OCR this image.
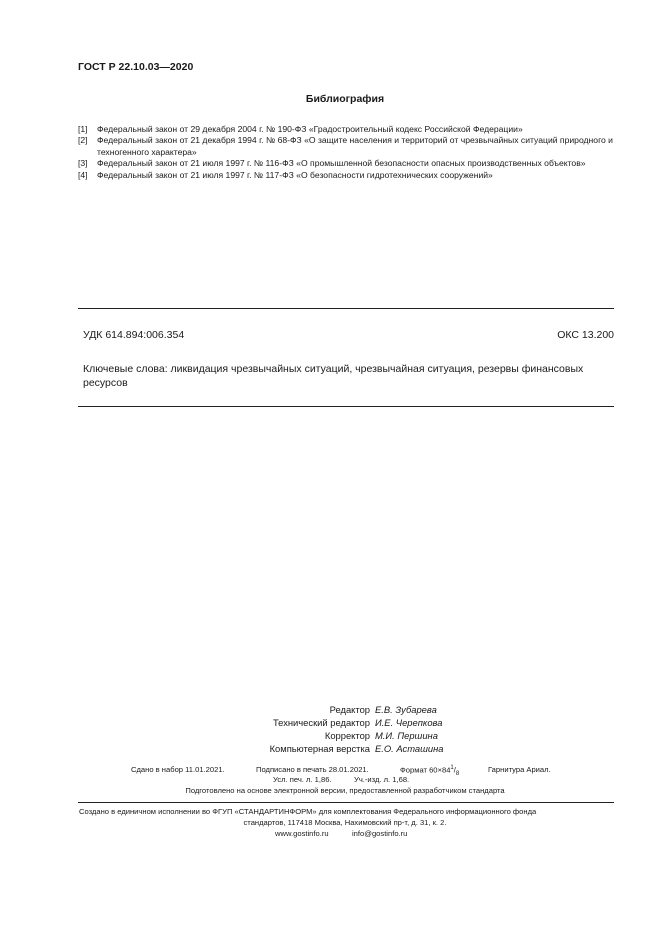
ГОСТ Р 22.10.03—2020
Библиография
[1]	Федеральный закон от 29 декабря 2004 г. № 190-ФЗ «Градостроительный кодекс Российской Федерации»
[2]	Федеральный закон от 21 декабря 1994 г. № 68-ФЗ «О защите населения и территорий от чрезвычайных ситуаций природного и техногенного характера»
[3]	Федеральный закон от 21 июля 1997 г. № 116-ФЗ «О промышленной безопасности опасных производственных объектов»
[4]	Федеральный закон от 21 июля 1997 г. № 117-ФЗ «О безопасности гидротехнических сооружений»
УДК 614.894:006.354	ОКС 13.200
Ключевые слова: ликвидация чрезвычайных ситуаций, чрезвычайная ситуация, резервы финансовых ресурсов
Редактор Е.В. Зубарева
Технический редактор И.Е. Черепкова
Корректор М.И. Першина
Компьютерная верстка Е.О. Асташина
Сдано в набор 11.01.2021.	Подписано в печать 28.01.2021.	Формат $60\times 84^1/_8$
Гарнитура Ариал.
Усл. печ. л. 1,86.	Уч.-изд. л. 1,68.
Подготовлено на основе электронной версии, предоставленной разработчиком стандарта
Создано в единичном исполнении во ФГУП «СТАНДАРТИНФОРМ» для комплектования Федерального информационного фонда
стандартов, 117418 Москва, Нахимовский пр-т, д. 31, к. 2.
www.gostinfo.ru	info@gostinfo.ru
